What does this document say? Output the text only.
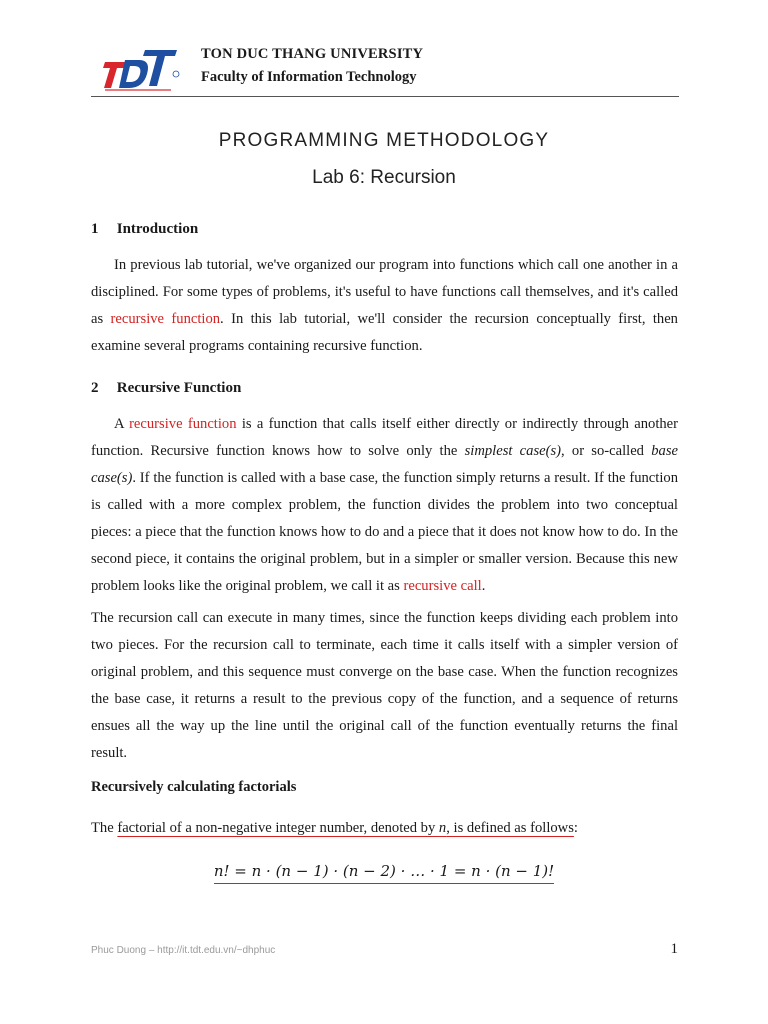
TON DUC THANG UNIVERSITY
Faculty of Information Technology
PROGRAMMING METHODOLOGY
Lab 6: Recursion
1 Introduction

In previous lab tutorial, we've organized our program into functions which call one another in a disciplined. For some types of problems, it's useful to have functions call themselves, and it's called as recursive function. In this lab tutorial, we'll consider the recursion conceptually first, then examine several programs containing recursive function.

2 Recursive Function

A recursive function is a function that calls itself either directly or indirectly through another function. Recursive function knows how to solve only the simplest case(s), or so-called base case(s). If the function is called with a base case, the function simply returns a result. If the function is called with a more complex problem, the function divides the problem into two conceptual pieces: a piece that the function knows how to do and a piece that it does not know how to do. In the second piece, it contains the original problem, but in a simpler or smaller version. Because this new problem looks like the original problem, we call it as recursive call.

The recursion call can execute in many times, since the function keeps dividing each problem into two pieces. For the recursion call to terminate, each time it calls itself with a simpler version of original problem, and this sequence must converge on the base case. When the function recognizes the base case, it returns a result to the previous copy of the function, and a sequence of returns ensues all the way up the line until the original call of the function eventually returns the final result.

Recursively calculating factorials
The factorial of a non-negative integer number, denoted by n, is defined as follows:
n! = n · (n − 1) · (n − 2) · … · 1 = n · (n − 1)!
Phuc Duong – http://it.tdt.edu.vn/~dhphuc	1
